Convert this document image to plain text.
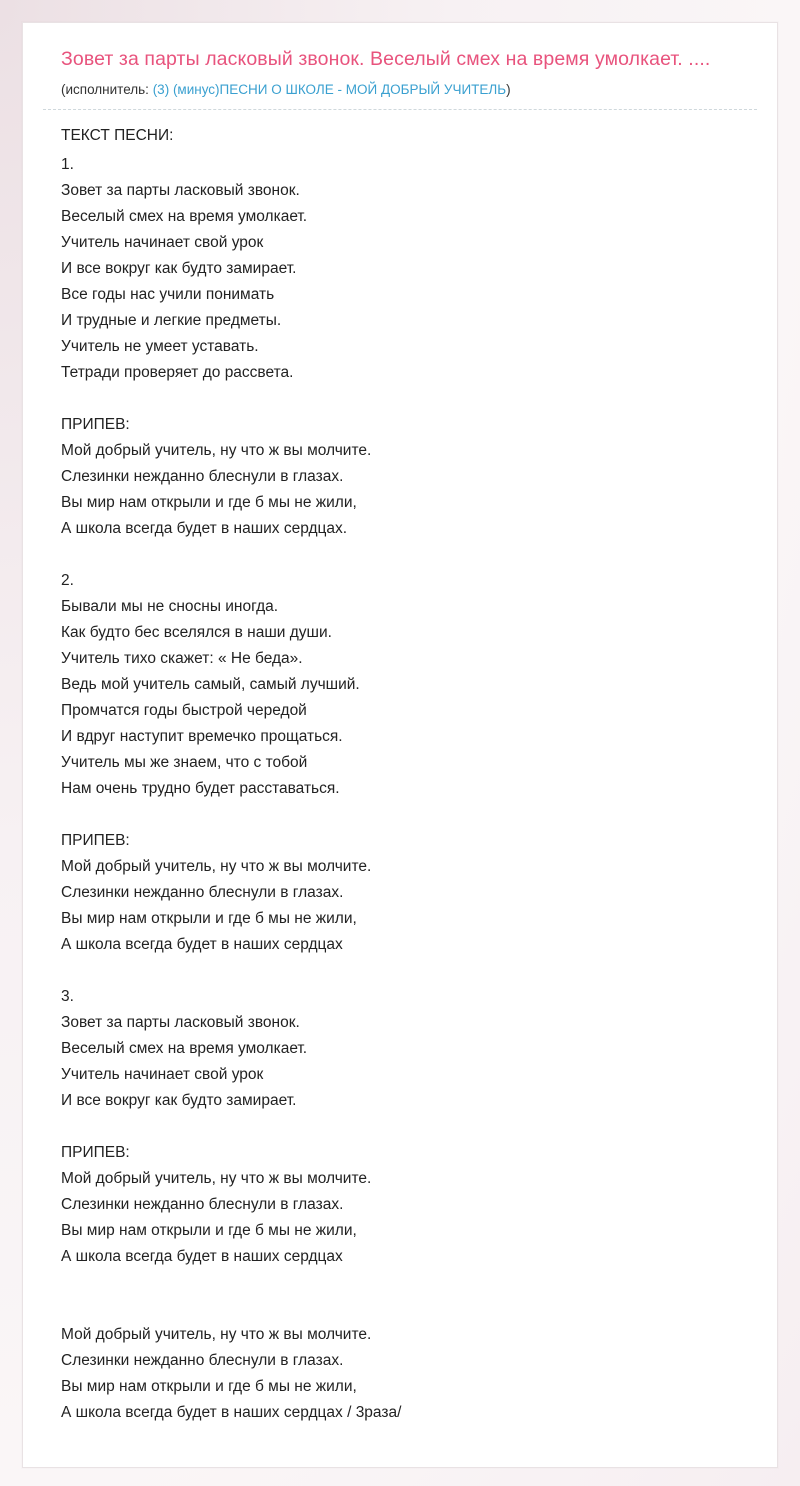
Зовет за парты ласковый звонок. Веселый смех на время умолкает. ....
(исполнитель: (3) (минус)ПЕСНИ О ШКОЛЕ - МОЙ ДОБРЫЙ УЧИТЕЛЬ)
ТЕКСТ ПЕСНИ:
1.
Зовет за парты ласковый звонок.
Веселый смех на время умолкает.
Учитель начинает свой урок
И все вокруг как будто замирает.
Все годы нас учили понимать
И трудные и легкие предметы.
Учитель не умеет уставать.
Тетради проверяет до рассвета.

ПРИПЕВ:
Мой добрый учитель, ну что ж вы молчите.
Слезинки нежданно блеснули в глазах.
Вы мир нам открыли и где б мы не жили,
А школа всегда будет в наших сердцах.

2.
Бывали мы не сносны иногда.
Как будто бес вселялся в наши души.
Учитель тихо скажет: « Не беда».
Ведь мой учитель самый, самый лучший.
Промчатся годы быстрой чередой
И вдруг наступит времечко прощаться.
Учитель мы же знаем, что с тобой
Нам очень трудно будет расставаться.

ПРИПЕВ:
Мой добрый учитель, ну что ж вы молчите.
Слезинки нежданно блеснули в глазах.
Вы мир нам открыли и где б мы не жили,
А школа всегда будет в наших сердцах

3.
Зовет за парты ласковый звонок.
Веселый смех на время умолкает.
Учитель начинает свой урок
И все вокруг как будто замирает.

ПРИПЕВ:
Мой добрый учитель, ну что ж вы молчите.
Слезинки нежданно блеснули в глазах.
Вы мир нам открыли и где б мы не жили,
А школа всегда будет в наших сердцах

Мой добрый учитель, ну что ж вы молчите.
Слезинки нежданно блеснули в глазах.
Вы мир нам открыли и где б мы не жили,
А школа всегда будет в наших сердцах / 3раза/
